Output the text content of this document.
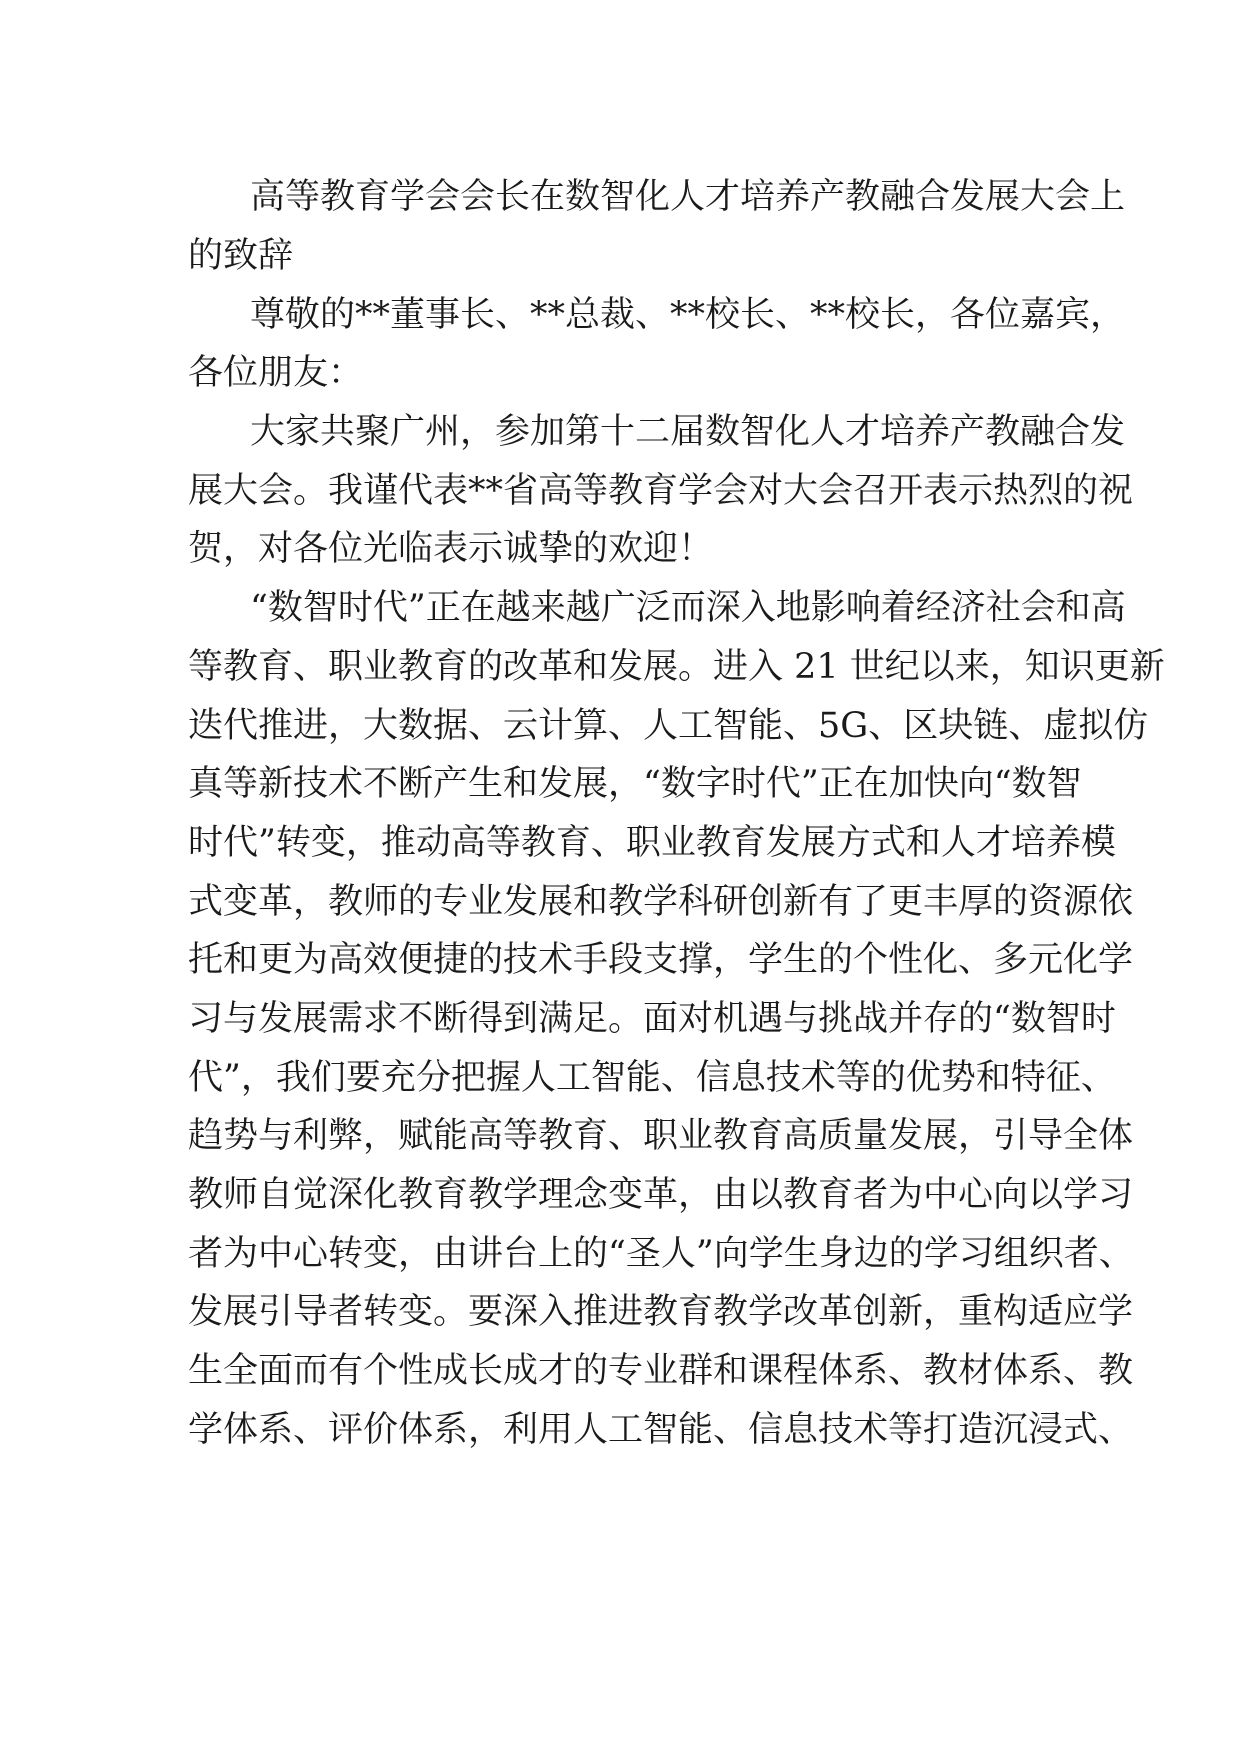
高等教育学会会长在数智化人才培养产教融合发展大会上
的致辞
尊敬的**董事长、**总裁、**校长、**校长，各位嘉宾，
各位朋友：
大家共聚广州，参加第十二届数智化人才培养产教融合发
展大会。我谨代表**省高等教育学会对大会召开表示热烈的祝
贺，对各位光临表示诚挚的欢迎！
“数智时代”正在越来越广泛而深入地影响着经济社会和高
等教育、职业教育的改革和发展。进入 21 世纪以来，知识更新
迭代推进，大数据、云计算、人工智能、5G、区块链、虚拟仿
真等新技术不断产生和发展，“数字时代”正在加快向“数智
时代”转变，推动高等教育、职业教育发展方式和人才培养模
式变革，教师的专业发展和教学科研创新有了更丰厚的资源依
托和更为高效便捷的技术手段支撑，学生的个性化、多元化学
习与发展需求不断得到满足。面对机遇与挑战并存的“数智时
代”，我们要充分把握人工智能、信息技术等的优势和特征、
趋势与利弊，赋能高等教育、职业教育高质量发展，引导全体
教师自觉深化教育教学理念变革，由以教育者为中心向以学习
者为中心转变，由讲台上的“圣人”向学生身边的学习组织者、
发展引导者转变。要深入推进教育教学改革创新，重构适应学
生全面而有个性成长成才的专业群和课程体系、教材体系、教
学体系、评价体系，利用人工智能、信息技术等打造沉浸式、
